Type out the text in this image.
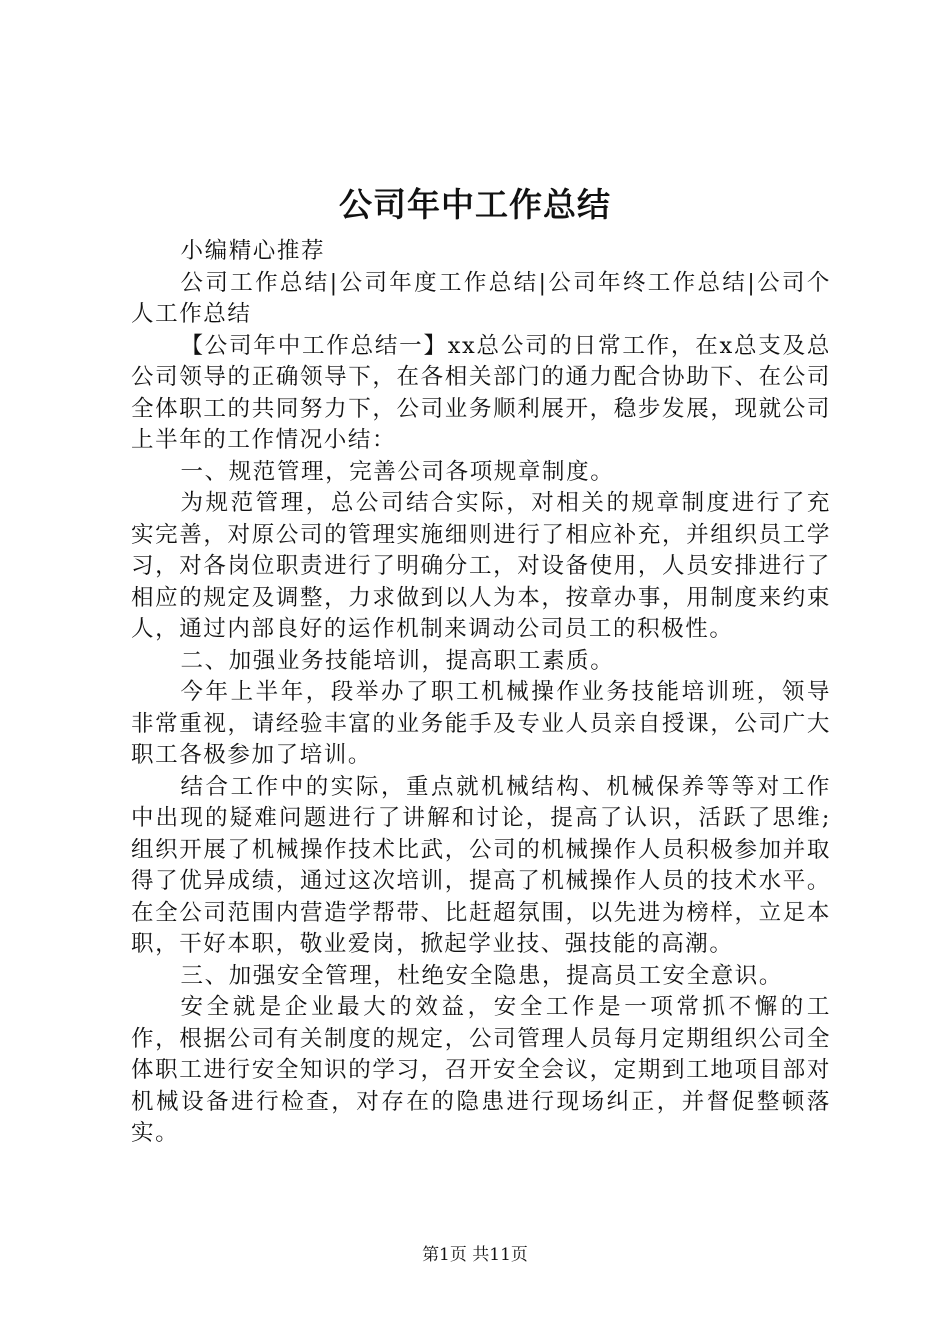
公司年中工作总结

小编精心推荐

公司工作总结|公司年度工作总结|公司年终工作总结|公司个人工作总结

【公司年中工作总结一】xx总公司的日常工作，在x总支及总公司领导的正确领导下，在各相关部门的通力配合协助下、在公司全体职工的共同努力下，公司业务顺利展开，稳步发展，现就公司上半年的工作情况小结：

一、规范管理，完善公司各项规章制度。

为规范管理，总公司结合实际，对相关的规章制度进行了充实完善，对原公司的管理实施细则进行了相应补充，并组织员工学习，对各岗位职责进行了明确分工，对设备使用，人员安排进行了相应的规定及调整，力求做到以人为本，按章办事，用制度来约束人，通过内部良好的运作机制来调动公司员工的积极性。

二、加强业务技能培训，提高职工素质。

今年上半年，段举办了职工机械操作业务技能培训班，领导非常重视，请经验丰富的业务能手及专业人员亲自授课，公司广大职工各极参加了培训。

结合工作中的实际，重点就机械结构、机械保养等等对工作中出现的疑难问题进行了讲解和讨论，提高了认识，活跃了思维;组织开展了机械操作技术比武，公司的机械操作人员积极参加并取得了优异成绩，通过这次培训，提高了机械操作人员的技术水平。在全公司范围内营造学帮带、比赶超氛围，以先进为榜样，立足本职，干好本职，敬业爱岗，掀起学业技、强技能的高潮。

三、加强安全管理，杜绝安全隐患，提高员工安全意识。

安全就是企业最大的效益，安全工作是一项常抓不懈的工作，根据公司有关制度的规定，公司管理人员每月定期组织公司全体职工进行安全知识的学习，召开安全会议，定期到工地项目部对机械设备进行检查，对存在的隐患进行现场纠正，并督促整顿落实。

第1页 共11页
